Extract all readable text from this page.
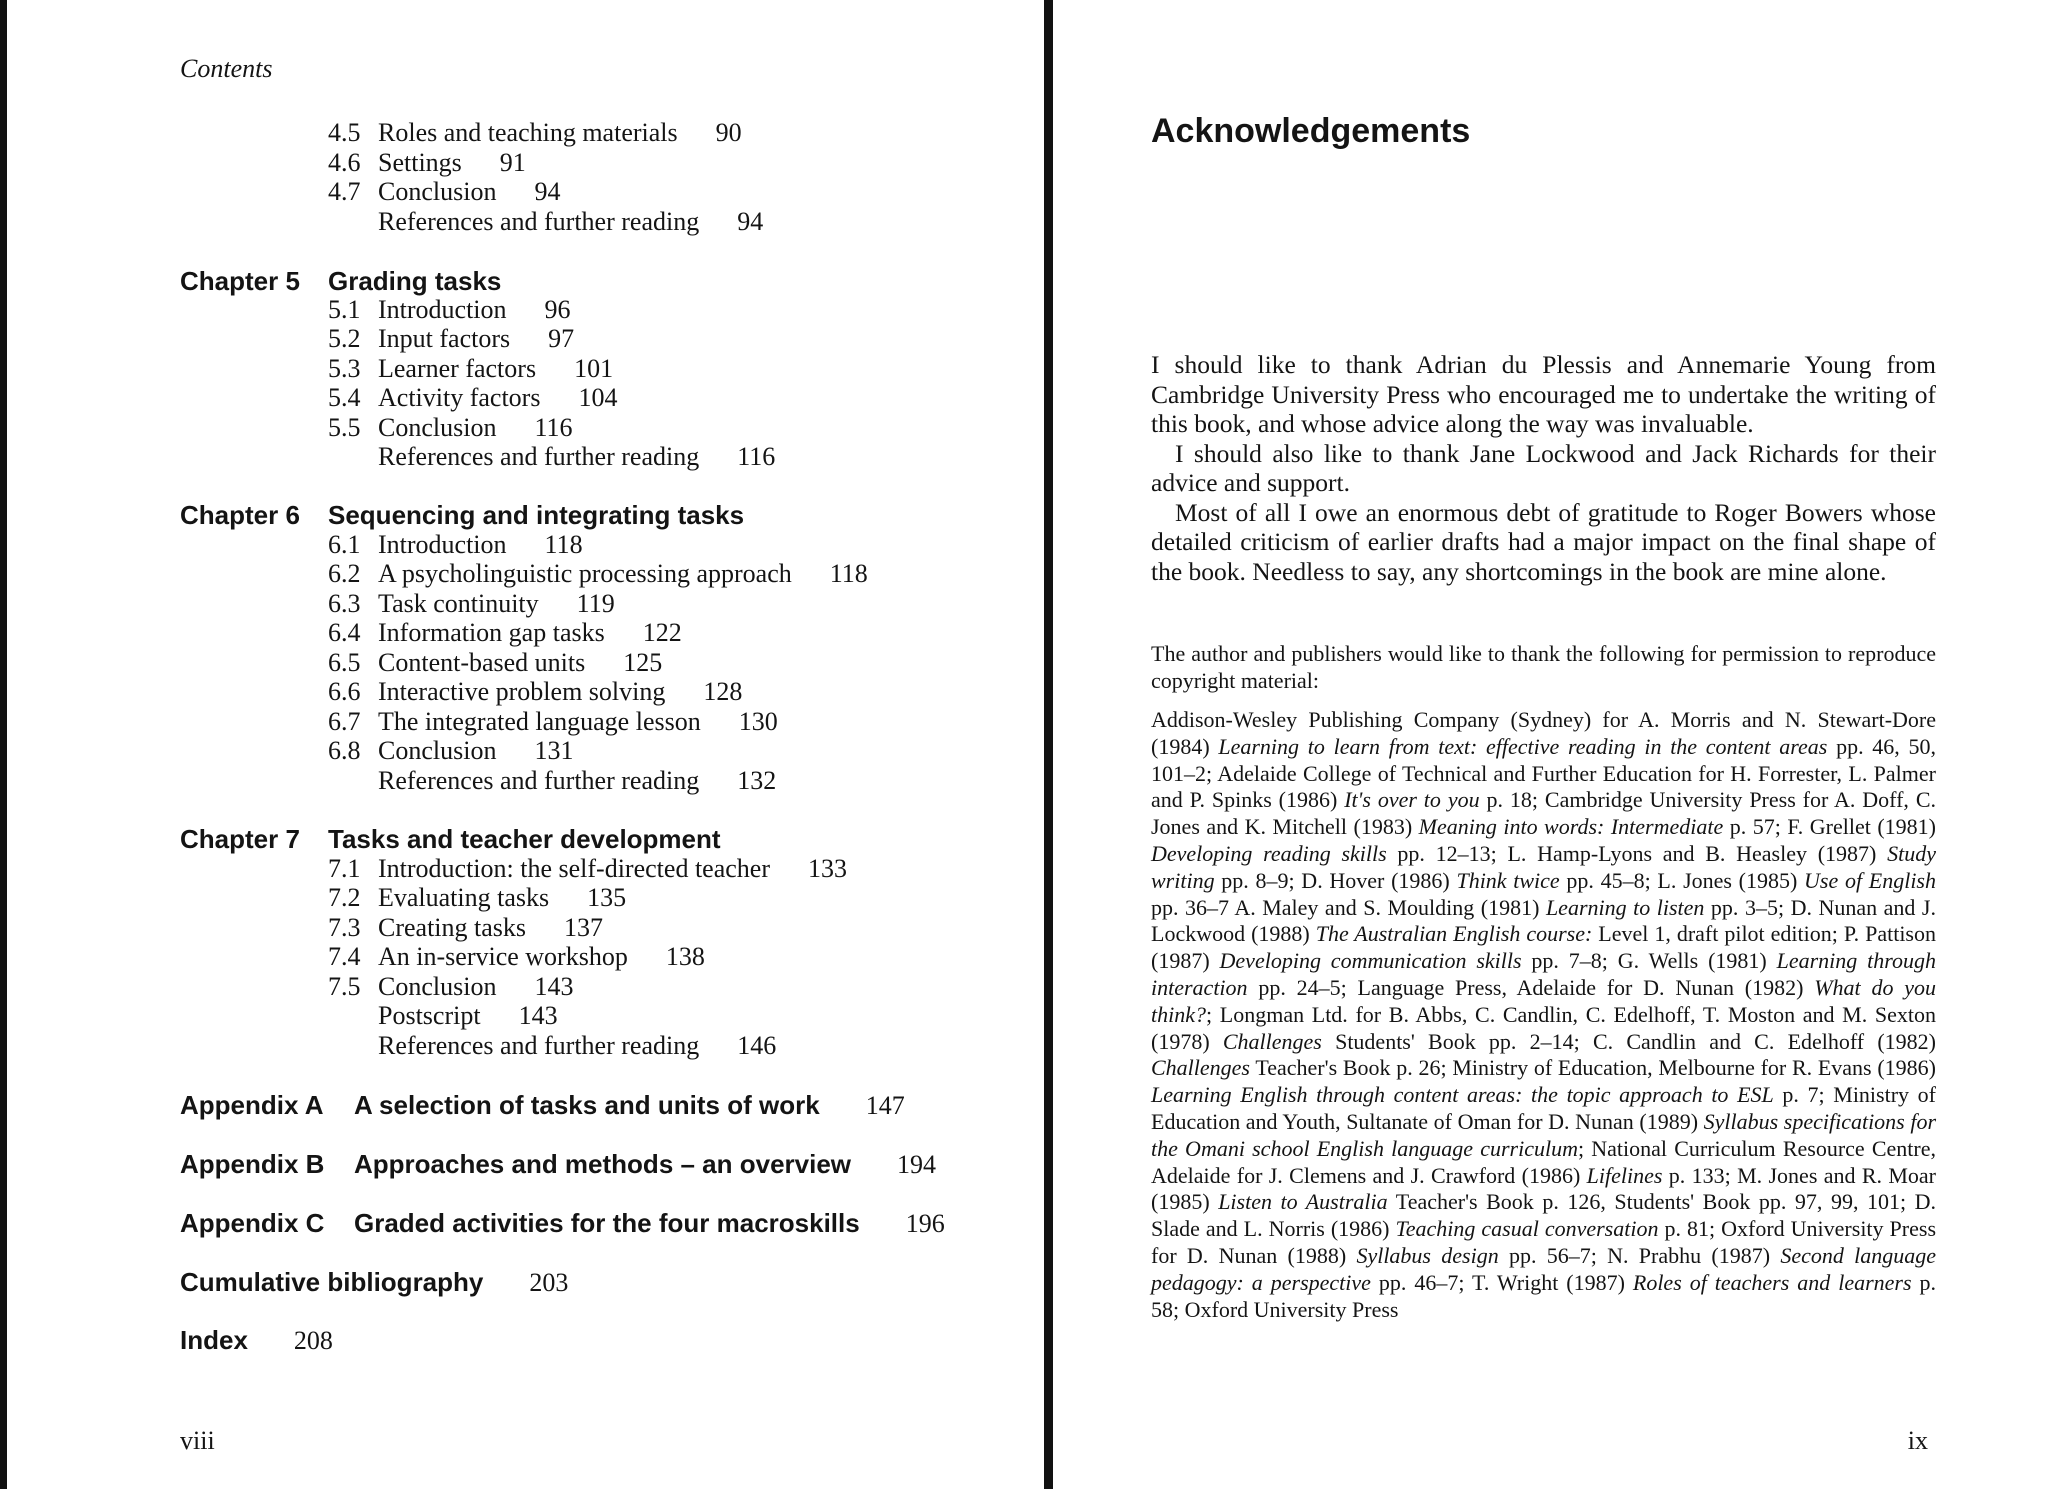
Contents
4.5 Roles and teaching materials 90
4.6 Settings 91
4.7 Conclusion 94
References and further reading 94
Chapter 5 Grading tasks
5.1 Introduction 96
5.2 Input factors 97
5.3 Learner factors 101
5.4 Activity factors 104
5.5 Conclusion 116
References and further reading 116
Chapter 6 Sequencing and integrating tasks
6.1 Introduction 118
6.2 A psycholinguistic processing approach 118
6.3 Task continuity 119
6.4 Information gap tasks 122
6.5 Content-based units 125
6.6 Interactive problem solving 128
6.7 The integrated language lesson 130
6.8 Conclusion 131
References and further reading 132
Chapter 7 Tasks and teacher development
7.1 Introduction: the self-directed teacher 133
7.2 Evaluating tasks 135
7.3 Creating tasks 137
7.4 An in-service workshop 138
7.5 Conclusion 143
Postscript 143
References and further reading 146
Appendix A A selection of tasks and units of work 147
Appendix B Approaches and methods – an overview 194
Appendix C Graded activities for the four macroskills 196
Cumulative bibliography 203
Index 208
viii
Acknowledgements

I should like to thank Adrian du Plessis and Annemarie Young from Cambridge University Press who encouraged me to undertake the writing of this book, and whose advice along the way was invaluable.

I should also like to thank Jane Lockwood and Jack Richards for their advice and support.

Most of all I owe an enormous debt of gratitude to Roger Bowers whose detailed criticism of earlier drafts had a major impact on the final shape of the book. Needless to say, any shortcomings in the book are mine alone.

The author and publishers would like to thank the following for permission to reproduce copyright material:
Addison-Wesley Publishing Company (Sydney) for A. Morris and N. Stewart-Dore (1984) Learning to learn from text: effective reading in the content areas pp. 46, 50, 101–2; Adelaide College of Technical and Further Education for H. Forrester, L. Palmer and P. Spinks (1986) It's over to you p. 18; Cambridge University Press for A. Doff, C. Jones and K. Mitchell (1983) Meaning into words: Intermediate p. 57; F. Grellet (1981) Developing reading skills pp. 12–13; L. Hamp-Lyons and B. Heasley (1987) Study writing pp. 8–9; D. Hover (1986) Think twice pp. 45–8; L. Jones (1985) Use of English pp. 36–7 A. Maley and S. Moulding (1981) Learning to listen pp. 3–5; D. Nunan and J. Lockwood (1988) The Australian English course: Level 1, draft pilot edition; P. Pattison (1987) Developing communication skills pp. 7–8; G. Wells (1981) Learning through interaction pp. 24–5; Language Press, Adelaide for D. Nunan (1982) What do you think?; Longman Ltd. for B. Abbs, C. Candlin, C. Edelhoff, T. Moston and M. Sexton (1978) Challenges Students' Book pp. 2–14; C. Candlin and C. Edelhoff (1982) Challenges Teacher's Book p. 26; Ministry of Education, Melbourne for R. Evans (1986) Learning English through content areas: the topic approach to ESL p. 7; Ministry of Education and Youth, Sultanate of Oman for D. Nunan (1989) Syllabus specifications for the Omani school English language curriculum; National Curriculum Resource Centre, Adelaide for J. Clemens and J. Crawford (1986) Lifelines p. 133; M. Jones and R. Moar (1985) Listen to Australia Teacher's Book p. 126, Students' Book pp. 97, 99, 101; D. Slade and L. Norris (1986) Teaching casual conversation p. 81; Oxford University Press for D. Nunan (1988) Syllabus design pp. 56–7; N. Prabhu (1987) Second language pedagogy: a perspective pp. 46–7; T. Wright (1987) Roles of teachers and learners p. 58; Oxford University Press
ix
